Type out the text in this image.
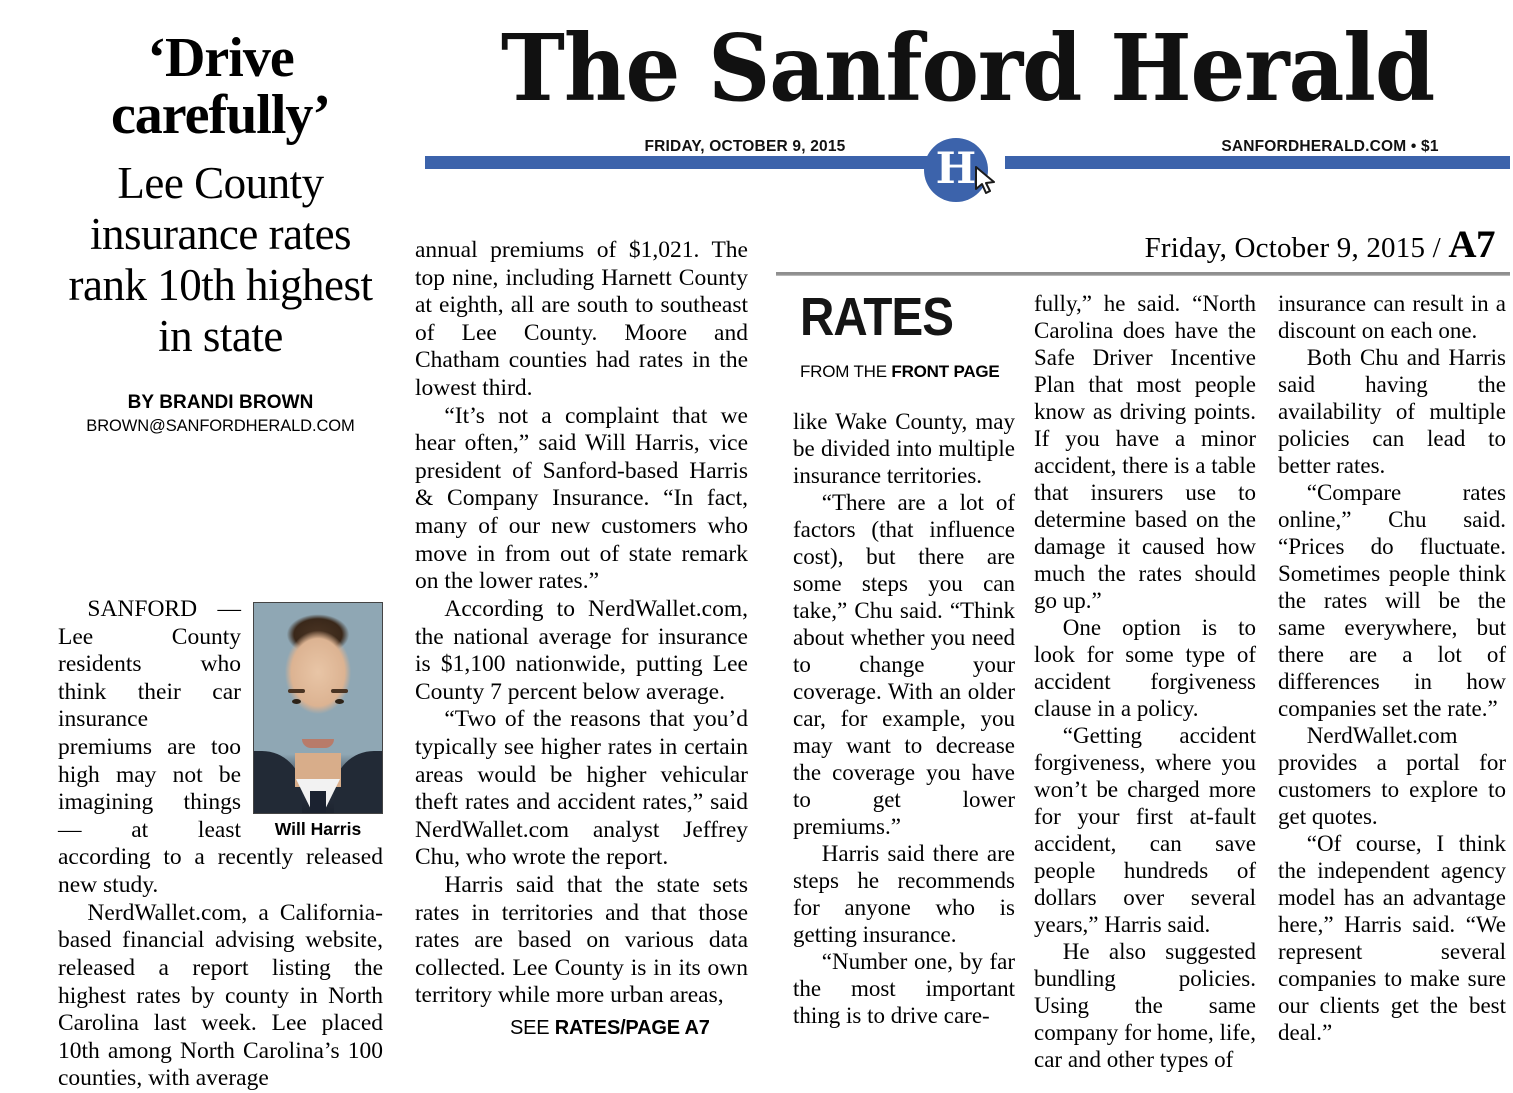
The Sanford Herald
FRIDAY, OCTOBER 9, 2015	SANFORDHERALD.COM • $1
H
‘Drive carefully’
Lee County insurance rates rank 10th highest in state
BY BRANDI BROWN
BROWN@SANFORDHERALD.COM
Will Harris

SANFORD — Lee County residents who think their car insurance premiums are too high may not be imagining things — at least according to a recently released new study.

NerdWallet.com, a California-based financial advising website, released a report listing the highest rates by county in North Carolina last week. Lee placed 10th among North Carolina’s 100 counties, with average

annual premiums of $1,021. The top nine, including Harnett County at eighth, all are south to southeast of Lee County. Moore and Chatham counties had rates in the lowest third.

“It’s not a complaint that we hear often,” said Will Harris, vice president of Sanford-based Harris & Company Insurance. “In fact, many of our new customers who move in from out of state remark on the lower rates.”

According to NerdWallet.com, the national average for insurance is $1,100 nationwide, putting Lee County 7 percent below average.

“Two of the reasons that you’d typically see higher rates in certain areas would be higher vehicular theft rates and accident rates,” said NerdWallet.com analyst Jeffrey Chu, who wrote the report.

Harris said that the state sets rates in territories and that those rates are based on various data collected. Lee County is in its own territory while more urban areas,

SEE RATES/PAGE A7
Friday, October 9, 2015 / A7
RATES
FROM THE FRONT PAGE

like Wake County, may be divided into multiple insurance territories.

“There are a lot of factors (that influence cost), but there are some steps you can take,” Chu said. “Think about whether you need to change your coverage. With an older car, for example, you may want to decrease the coverage you have to get lower premiums.”

Harris said there are steps he recommends for anyone who is getting insurance.

“Number one, by far the most important thing is to drive care-

fully,” he said. “North Carolina does have the Safe Driver Incentive Plan that most people know as driving points. If you have a minor accident, there is a table that insurers use to determine based on the damage it caused how much the rates should go up.”

One option is to look for some type of accident forgiveness clause in a policy.

“Getting accident forgiveness, where you won’t be charged more for your first at-fault accident, can save people hundreds of dollars over several years,” Harris said.

He also suggested bundling policies. Using the same company for home, life, car and other types of

insurance can result in a discount on each one.

Both Chu and Harris said having the availability of multiple policies can lead to better rates.

“Compare rates online,” Chu said. “Prices do fluctuate. Sometimes people think the rates will be the same everywhere, but there are a lot of differences in how companies set the rate.”

NerdWallet.com provides a portal for customers to explore to get quotes.

“Of course, I think the independent agency model has an advantage here,” Harris said. “We represent several companies to make sure our clients get the best deal.”
